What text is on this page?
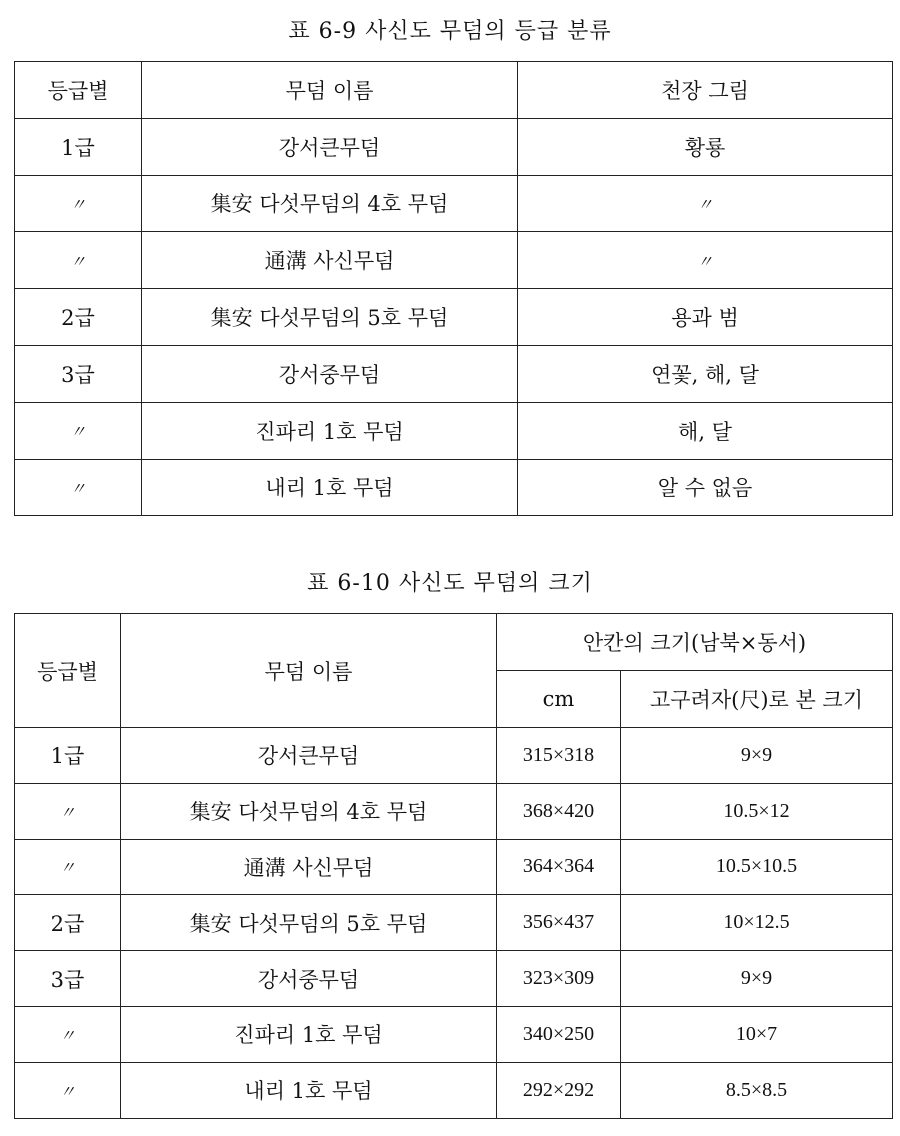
표 6-9 사신도 무덤의 등급 분류
등급별	무덤 이름	천장 그림
1급	강서큰무덤	황룡
〃	集安 다섯무덤의 4호 무덤	〃
〃	通溝 사신무덤	〃
2급	集安 다섯무덤의 5호 무덤	용과 범
3급	강서중무덤	연꽃, 해, 달
〃	진파리 1호 무덤	해, 달
〃	내리 1호 무덤	알 수 없음
표 6-10 사신도 무덤의 크기
등급별	무덤 이름	안칸의 크기(남북×동서)	
		cm	고구려자(尺)로 본 크기
1급	강서큰무덤	315×318	9×9
〃	集安 다섯무덤의 4호 무덤	368×420	10.5×12
〃	通溝 사신무덤	364×364	10.5×10.5
2급	集安 다섯무덤의 5호 무덤	356×437	10×12.5
3급	강서중무덤	323×309	9×9
〃	진파리 1호 무덤	340×250	10×7
〃	내리 1호 무덤	292×292	8.5×8.5
